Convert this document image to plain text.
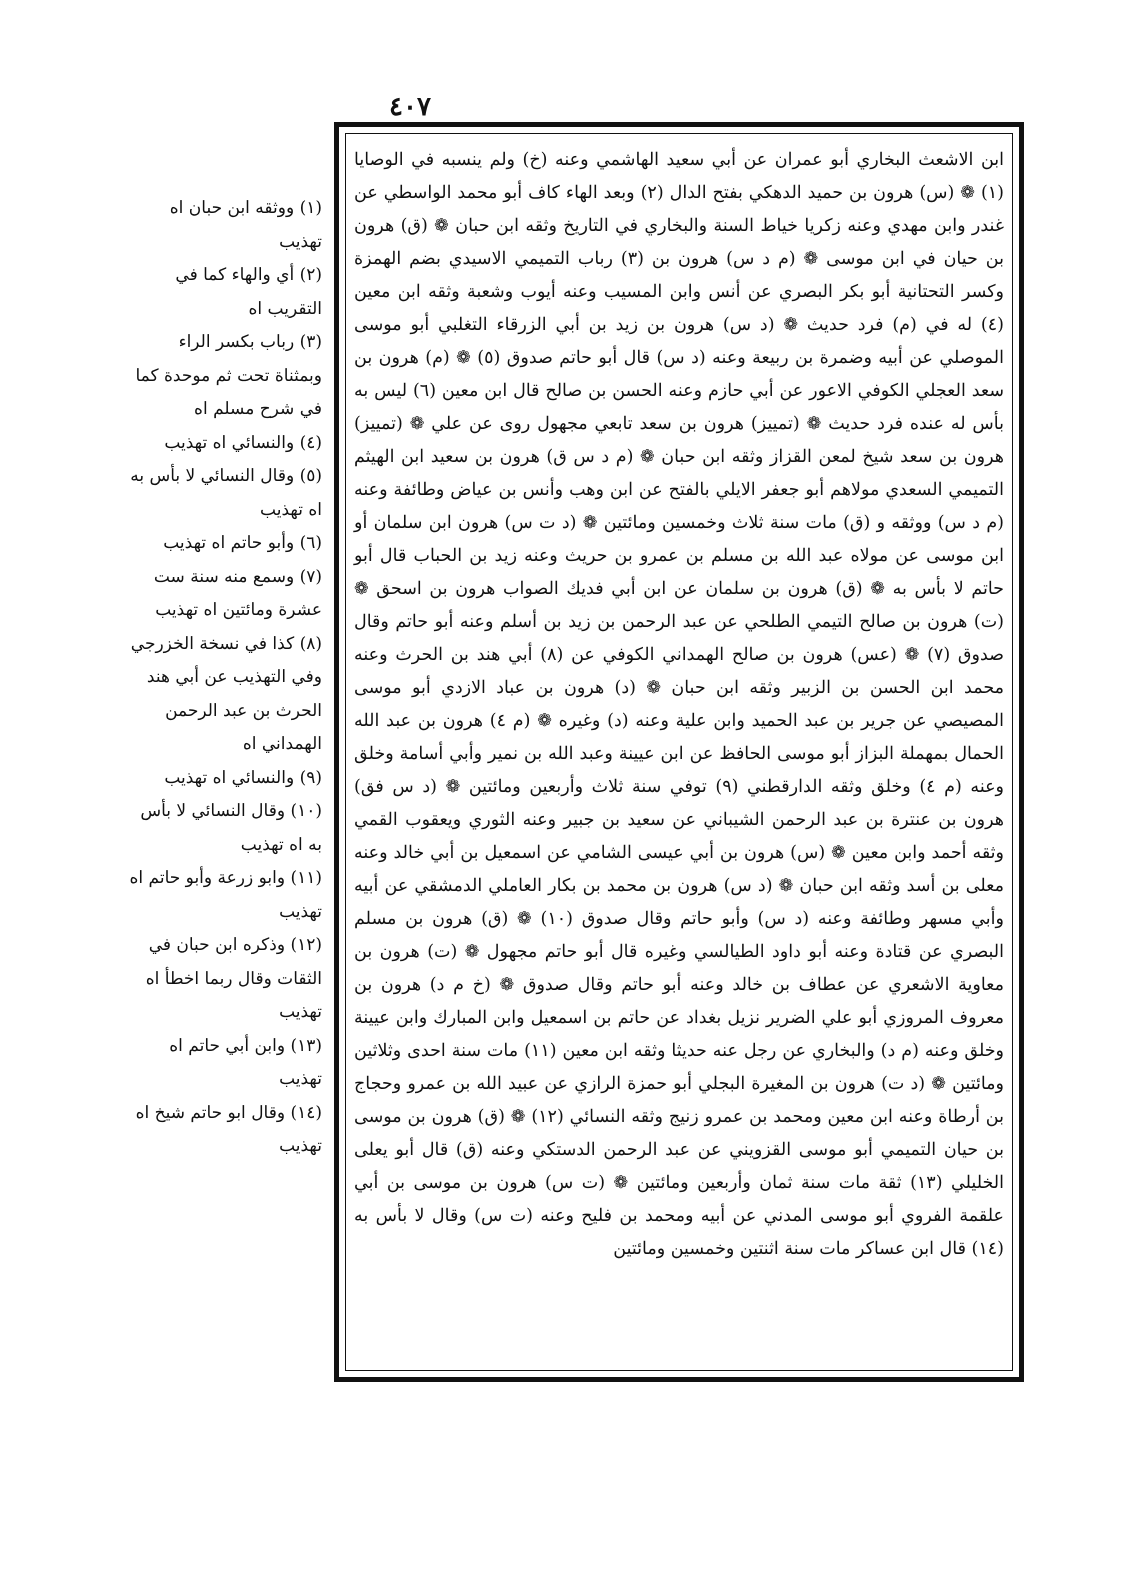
٤٠٧

ابن الاشعث البخاري أبو عمران عن أبي سعيد الهاشمي وعنه (خ) ولم ينسبه في الوصايا (١) ❁ (س) هرون بن حميد الدهكي بفتح الدال (٢) وبعد الهاء كاف أبو محمد الواسطي عن غندر وابن مهدي وعنه زكريا خياط السنة والبخاري في التاريخ وثقه ابن حبان ❁ (ق) هرون بن حيان في ابن موسى ❁ (م د س) هرون بن (٣) رباب التميمي الاسيدي بضم الهمزة وكسر التحتانية أبو بكر البصري عن أنس وابن المسيب وعنه أيوب وشعبة وثقه ابن معين (٤) له في (م) فرد حديث ❁ (د س) هرون بن زيد بن أبي الزرقاء التغلبي أبو موسى الموصلي عن أبيه وضمرة بن ربيعة وعنه (د س) قال أبو حاتم صدوق (٥) ❁ (م) هرون بن سعد العجلي الكوفي الاعور عن أبي حازم وعنه الحسن بن صالح قال ابن معين (٦) ليس به بأس له عنده فرد حديث ❁ (تمييز) هرون بن سعد تابعي مجهول روى عن علي ❁ (تمييز) هرون بن سعد شيخ لمعن القزاز وثقه ابن حبان ❁ (م د س ق) هرون بن سعيد ابن الهيثم التميمي السعدي مولاهم أبو جعفر الايلي بالفتح عن ابن وهب وأنس بن عياض وطائفة وعنه (م د س) ووثقه و (ق) مات سنة ثلاث وخمسين ومائتين ❁ (د ت س) هرون ابن سلمان أو ابن موسى عن مولاه عبد الله بن مسلم بن عمرو بن حريث وعنه زيد بن الحباب قال أبو حاتم لا بأس به ❁ (ق) هرون بن سلمان عن ابن أبي فديك الصواب هرون بن اسحق ❁ (ت) هرون بن صالح التيمي الطلحي عن عبد الرحمن بن زيد بن أسلم وعنه أبو حاتم وقال صدوق (٧) ❁ (عس) هرون بن صالح الهمداني الكوفي عن (٨) أبي هند بن الحرث وعنه محمد ابن الحسن بن الزبير وثقه ابن حبان ❁ (د) هرون بن عباد الازدي أبو موسى المصيصي عن جرير بن عبد الحميد وابن علية وعنه (د) وغيره ❁ (م ٤) هرون بن عبد الله الحمال بمهملة البزاز أبو موسى الحافظ عن ابن عيينة وعبد الله بن نمير وأبي أسامة وخلق وعنه (م ٤) وخلق وثقه الدارقطني (٩) توفي سنة ثلاث وأربعين ومائتين ❁ (د س فق) هرون بن عنترة بن عبد الرحمن الشيباني عن سعيد بن جبير وعنه الثوري ويعقوب القمي وثقه أحمد وابن معين ❁ (س) هرون بن أبي عيسى الشامي عن اسمعيل بن أبي خالد وعنه معلى بن أسد وثقه ابن حبان ❁ (د س) هرون بن محمد بن بكار العاملي الدمشقي عن أبيه وأبي مسهر وطائفة وعنه (د س) وأبو حاتم وقال صدوق (١٠) ❁ (ق) هرون بن مسلم البصري عن قتادة وعنه أبو داود الطيالسي وغيره قال أبو حاتم مجهول ❁ (ت) هرون بن معاوية الاشعري عن عطاف بن خالد وعنه أبو حاتم وقال صدوق ❁ (خ م د) هرون بن معروف المروزي أبو علي الضرير نزيل بغداد عن حاتم بن اسمعيل وابن المبارك وابن عيينة وخلق وعنه (م د) والبخاري عن رجل عنه حديثا وثقه ابن معين (١١) مات سنة احدى وثلاثين ومائتين ❁ (د ت) هرون بن المغيرة البجلي أبو حمزة الرازي عن عبيد الله بن عمرو وحجاج بن أرطاة وعنه ابن معين ومحمد بن عمرو زنيج وثقه النسائي (١٢) ❁ (ق) هرون بن موسى بن حيان التميمي أبو موسى القزويني عن عبد الرحمن الدستكي وعنه (ق) قال أبو يعلى الخليلي (١٣) ثقة مات سنة ثمان وأربعين ومائتين ❁ (ت س) هرون بن موسى بن أبي علقمة الفروي أبو موسى المدني عن أبيه ومحمد بن فليح وعنه (ت س) وقال لا بأس به (١٤) قال ابن عساكر مات سنة اثنتين وخمسين ومائتين

(١) ووثقه ابن حبان اه تهذيب

(٢) أي والهاء كما في التقريب اه

(٣) رباب بكسر الراء وبمثناة تحت ثم موحدة كما في شرح مسلم اه

(٤) والنسائي اه تهذيب

(٥) وقال النسائي لا بأس به اه تهذيب

(٦) وأبو حاتم اه تهذيب

(٧) وسمع منه سنة ست عشرة ومائتين اه تهذيب

(٨) كذا في نسخة الخزرجي وفي التهذيب عن أبي هند الحرث بن عبد الرحمن الهمداني اه

(٩) والنسائي اه تهذيب

(١٠) وقال النسائي لا بأس به اه تهذيب

(١١) وابو زرعة وأبو حاتم اه تهذيب

(١٢) وذكره ابن حبان في الثقات وقال ربما اخطأ اه تهذيب

(١٣) وابن أبي حاتم اه تهذيب

(١٤) وقال ابو حاتم شيخ اه تهذيب
